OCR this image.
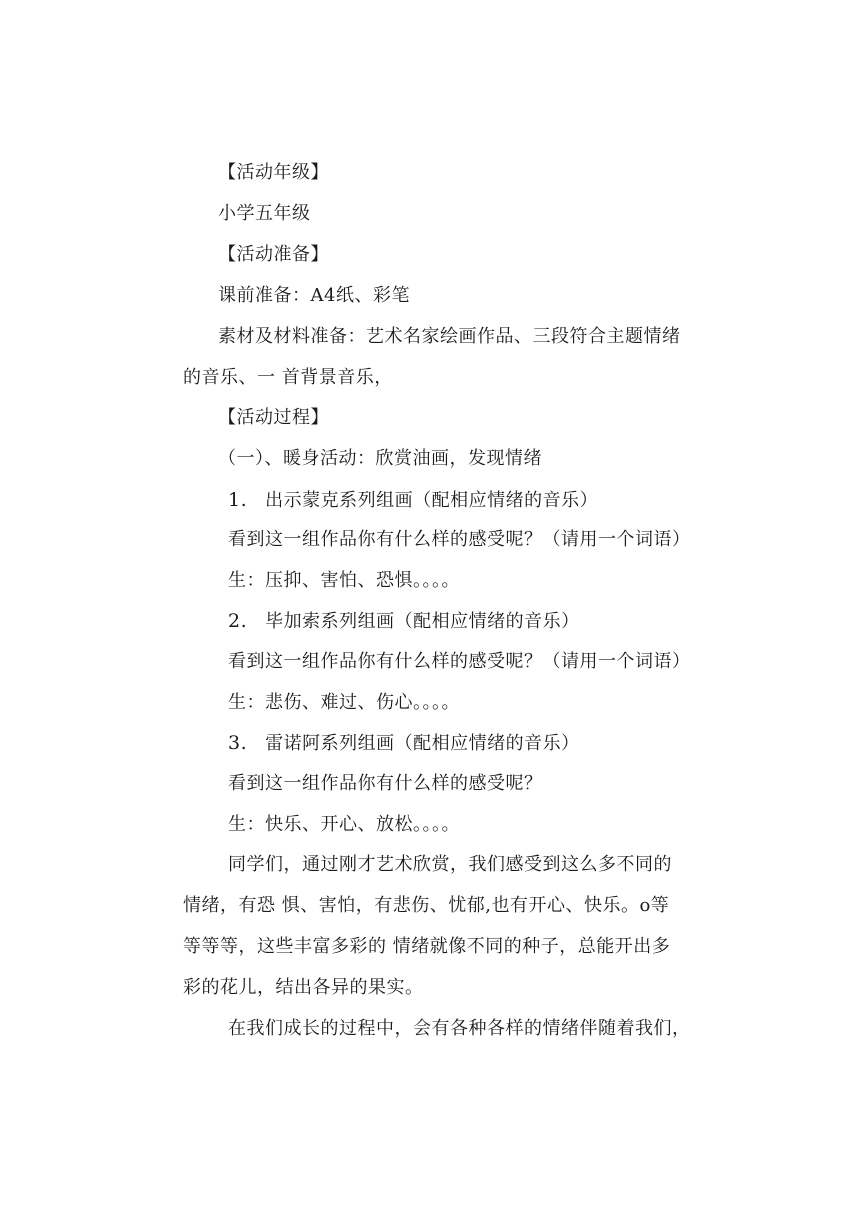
【活动年级】
小学五年级
【活动准备】
课前准备：A4纸、彩笔
素材及材料准备：艺术名家绘画作品、三段符合主题情绪
的音乐、一 首背景音乐，
【活动过程】
（一）、暖身活动：欣赏油画，发现情绪
1. 出示蒙克系列组画（配相应情绪的音乐）
看到这一组作品你有什么样的感受呢？（请用一个词语）
生：压抑、害怕、恐惧。。。。
2. 毕加索系列组画（配相应情绪的音乐）
看到这一组作品你有什么样的感受呢？（请用一个词语）
生：悲伤、难过、伤心。。。。
3. 雷诺阿系列组画（配相应情绪的音乐）
看到这一组作品你有什么样的感受呢？
生：快乐、开心、放松。。。。
同学们，通过刚才艺术欣赏，我们感受到这么多不同的
情绪，有恐 惧、害怕，有悲伤、忧郁,也有开心、快乐。o等
等等等，这些丰富多彩的 情绪就像不同的种子，总能开出多
彩的花儿，结出各异的果实。
在我们成长的过程中，会有各种各样的情绪伴随着我们，
